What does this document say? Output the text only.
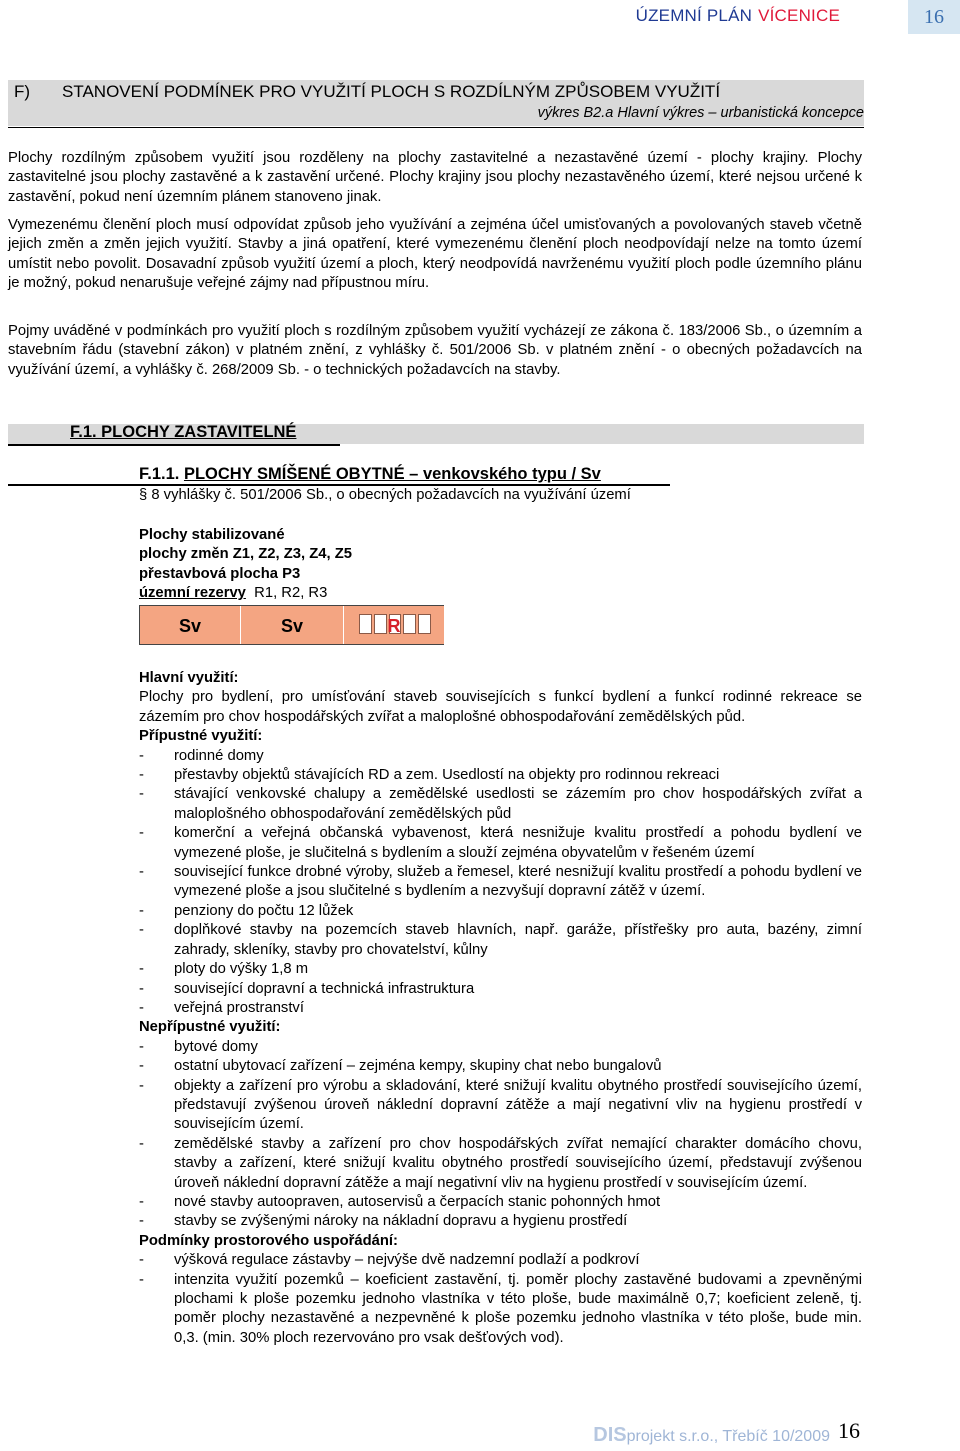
ÚZEMNÍ PLÁN VÍCENICE	16
F) STANOVENÍ PODMÍNEK PRO VYUŽITÍ PLOCH S ROZDÍLNÝM ZPŮSOBEM VYUŽITÍ
výkres B2.a Hlavní výkres – urbanistická koncepce
Plochy rozdílným způsobem využití jsou rozděleny na plochy zastavitelné a nezastavěné území - plochy krajiny. Plochy zastavitelné jsou plochy zastavěné a k zastavění určené. Plochy krajiny jsou plochy nezastavěného území, které nejsou určené k zastavění, pokud není územním plánem stanoveno jinak.
Vymezenému členění ploch musí odpovídat způsob jeho využívání a zejména účel umisťovaných a povolovaných staveb včetně jejich změn a změn jejich využití. Stavby a jiná opatření, které vymezenému členění ploch neodpovídají nelze na tomto území umístit nebo povolit. Dosavadní způsob využití území a ploch, který neodpovídá navrženému využití ploch podle územního plánu je možný, pokud nenarušuje veřejné zájmy nad přípustnou míru.
Pojmy uváděné v podmínkách pro využití ploch s rozdílným způsobem využití vycházejí ze zákona č. 183/2006 Sb., o územním a stavebním řádu (stavební zákon) v platném znění, z vyhlášky č. 501/2006 Sb. v platném znění - o obecných požadavcích na využívání území, a vyhlášky č. 268/2009 Sb. - o technických požadavcích na stavby.
F.1. PLOCHY ZASTAVITELNÉ
F.1.1. PLOCHY SMÍŠENÉ OBYTNÉ – venkovského typu / Sv
§ 8 vyhlášky č. 501/2006 Sb., o obecných požadavcích na využívání území
Plochy stabilizované
plochy změn Z1, Z2, Z3, Z4, Z5
přestavbová plocha P3
územní rezervy R1, R2, R3
Sv	Sv	R
Hlavní využití:

Plochy pro bydlení, pro umísťování staveb souvisejících s funkcí bydlení a funkcí rodinné rekreace se zázemím pro chov hospodářských zvířat a maloplošné obhospodařování zemědělských půd.

Přípustné využití:
- rodinné domy
- přestavby objektů stávajících RD a zem. Usedlostí na objekty pro rodinnou rekreaci
- stávající venkovské chalupy a zemědělské usedlosti se zázemím pro chov hospodářských zvířat a maloplošného obhospodařování zemědělských půd
- komerční a veřejná občanská vybavenost, která nesnižuje kvalitu prostředí a pohodu bydlení ve vymezené ploše, je slučitelná s bydlením a slouží zejména obyvatelům v řešeném území
- související funkce drobné výroby, služeb a řemesel, které nesnižují kvalitu prostředí a pohodu bydlení ve vymezené ploše a jsou slučitelné s bydlením a nezvyšují dopravní zátěž v území.
- penziony do počtu 12 lůžek
- doplňkové stavby na pozemcích staveb hlavních, např. garáže, přístřešky pro auta, bazény, zimní zahrady, skleníky, stavby pro chovatelství, kůlny
- ploty do výšky 1,8 m
- související dopravní a technická infrastruktura
- veřejná prostranství
Nepřípustné využití:
- bytové domy
- ostatní ubytovací zařízení – zejména kempy, skupiny chat nebo bungalovů
- objekty a zařízení pro výrobu a skladování, které snižují kvalitu obytného prostředí souvisejícího území, představují zvýšenou úroveň náklední dopravní zátěže a mají negativní vliv na hygienu prostředí v souvisejícím území.
- zemědělské stavby a zařízení pro chov hospodářských zvířat nemající charakter domácího chovu, stavby a zařízení, které snižují kvalitu obytného prostředí souvisejícího území, představují zvýšenou úroveň náklední dopravní zátěže a mají negativní vliv na hygienu prostředí v souvisejícím území.
- nové stavby autoopraven, autoservisů a čerpacích stanic pohonných hmot
- stavby se zvýšenými nároky na nákladní dopravu a hygienu prostředí
Podmínky prostorového uspořádání:
- výšková regulace zástavby – nejvýše dvě nadzemní podlaží a podkroví
- intenzita využití pozemků – koeficient zastavění, tj. poměr plochy zastavěné budovami a zpevněnými plochami k ploše pozemku jednoho vlastníka v této ploše, bude maximálně 0,7; koeficient zeleně, tj. poměr plochy nezastavěné a nezpevněné k ploše pozemku jednoho vlastníka v této ploše, bude min. 0,3. (min. 30% ploch rezervováno pro vsak dešťových vod).
DISprojekt s.r.o., Třebíč 10/2009 16
